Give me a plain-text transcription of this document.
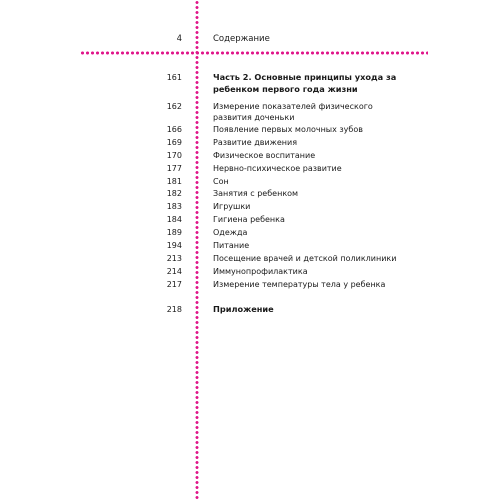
4	Содержание
161	Часть 2. Основные принципы ухода за ребенком первого года жизни
162	Измерение показателей физического развития доченьки
166	Появление первых молочных зубов
169	Развитие движения
170	Физическое воспитание
177	Нервно-психическое развитие
181	Сон
182	Занятия с ребенком
183	Игрушки
184	Гигиена ребенка
189	Одежда
194	Питание
213	Посещение врачей и детской поликлиники
214	Иммунопрофилактика
217	Измерение температуры тела у ребенка
218	Приложение
